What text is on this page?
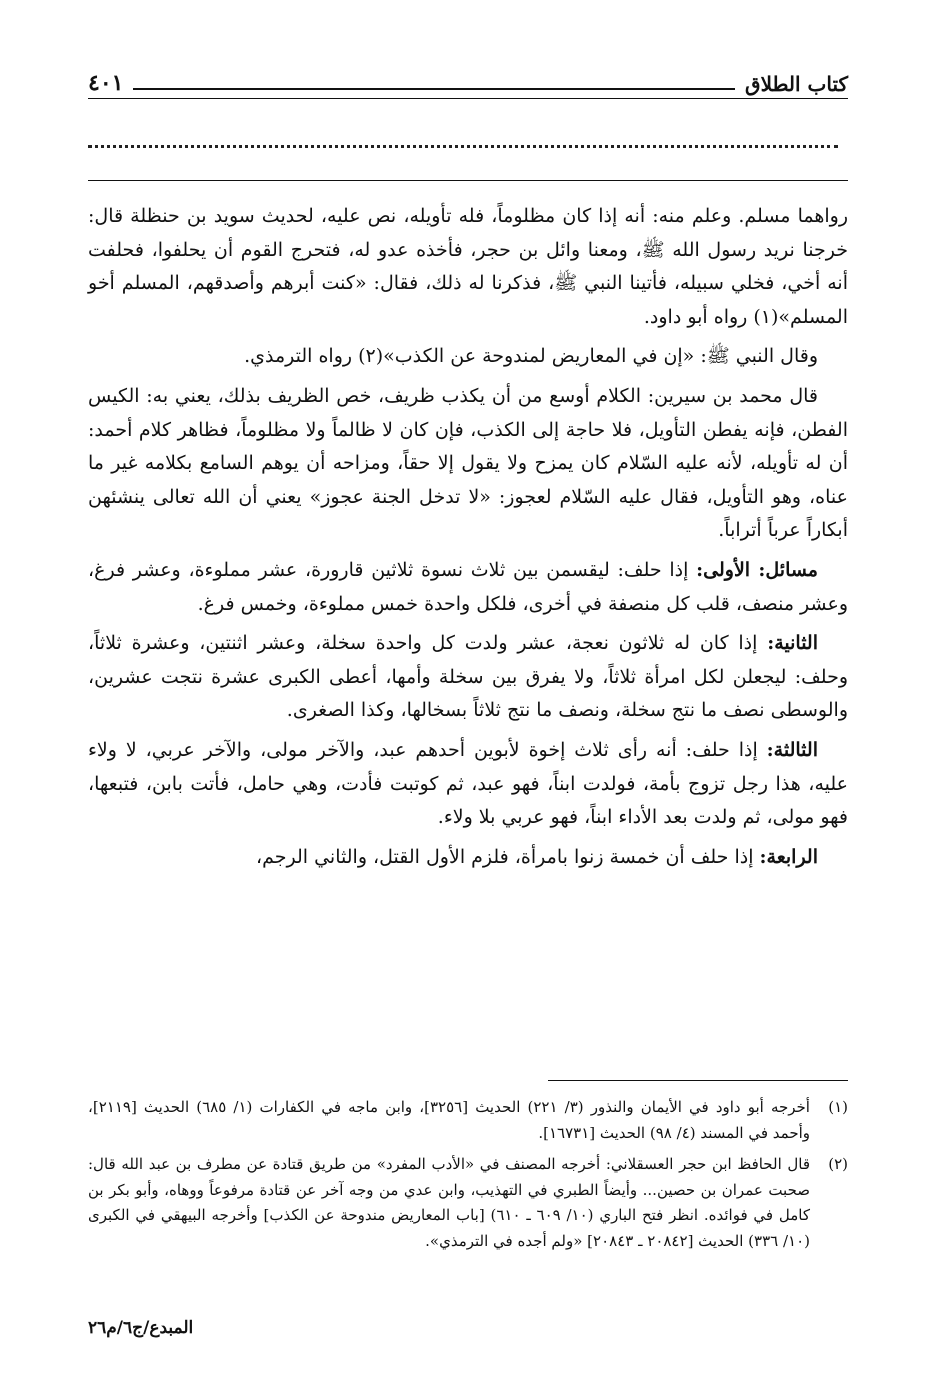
كتاب الطلاق
٤٠١

رواهما مسلم. وعلم منه: أنه إذا كان مظلوماً، فله تأويله، نص عليه، لحديث سويد بن حنظلة قال: خرجنا نريد رسول الله ﷺ، ومعنا وائل بن حجر، فأخذه عدو له، فتحرج القوم أن يحلفوا، فحلفت أنه أخي، فخلي سبيله، فأتينا النبي ﷺ، فذكرنا له ذلك، فقال: «كنت أبرهم وأصدقهم، المسلم أخو المسلم»(١) رواه أبو داود.

وقال النبي ﷺ: «إن في المعاريض لمندوحة عن الكذب»(٢) رواه الترمذي.

قال محمد بن سيرين: الكلام أوسع من أن يكذب ظريف، خص الظريف بذلك، يعني به: الكيس الفطن، فإنه يفطن التأويل، فلا حاجة إلى الكذب، فإن كان لا ظالماً ولا مظلوماً، فظاهر كلام أحمد: أن له تأويله، لأنه عليه السّلام كان يمزح ولا يقول إلا حقاً، ومزاحه أن يوهم السامع بكلامه غير ما عناه، وهو التأويل، فقال عليه السّلام لعجوز: «لا تدخل الجنة عجوز» يعني أن الله تعالى ينشئهن أبكاراً عرباً أتراباً.

مسائل: الأولى: إذا حلف: ليقسمن بين ثلاث نسوة ثلاثين قارورة، عشر مملوءة، وعشر فرغ، وعشر منصف، قلب كل منصفة في أخرى، فلكل واحدة خمس مملوءة، وخمس فرغ.

الثانية: إذا كان له ثلاثون نعجة، عشر ولدت كل واحدة سخلة، وعشر اثنتين، وعشرة ثلاثاً، وحلف: ليجعلن لكل امرأة ثلاثاً، ولا يفرق بين سخلة وأمها، أعطى الكبرى عشرة نتجت عشرين، والوسطى نصف ما نتج سخلة، ونصف ما نتج ثلاثاً بسخالها، وكذا الصغرى.

الثالثة: إذا حلف: أنه رأى ثلاث إخوة لأبوين أحدهم عبد، والآخر مولى، والآخر عربي، لا ولاء عليه، هذا رجل تزوج بأمة، فولدت ابناً، فهو عبد، ثم كوتبت فأدت، وهي حامل، فأتت بابن، فتبعها، فهو مولى، ثم ولدت بعد الأداء ابناً، فهو عربي بلا ولاء.

الرابعة: إذا حلف أن خمسة زنوا بامرأة، فلزم الأول القتل، والثاني الرجم،

(١)
أخرجه أبو داود في الأيمان والنذور (٣/ ٢٢١) الحديث [٣٢٥٦]، وابن ماجه في الكفارات (١/ ٦٨٥) الحديث [٢١١٩]، وأحمد في المسند (٤/ ٩٨) الحديث [١٦٧٣١].
(٢)
قال الحافظ ابن حجر العسقلاني: أخرجه المصنف في «الأدب المفرد» من طريق قتادة عن مطرف بن عبد الله قال: صحبت عمران بن حصين... وأيضاً الطبري في التهذيب، وابن عدي من وجه آخر عن قتادة مرفوعاً ووهاه، وأبو بكر بن كامل في فوائده. انظر فتح الباري (١٠/ ٦٠٩ ـ ٦١٠) [باب المعاريض مندوحة عن الكذب] وأخرجه البيهقي في الكبرى (١٠/ ٣٣٦) الحديث [٢٠٨٤٢ ـ ٢٠٨٤٣] «ولم أجده في الترمذي».
المبدع/ج٦/م٢٦
